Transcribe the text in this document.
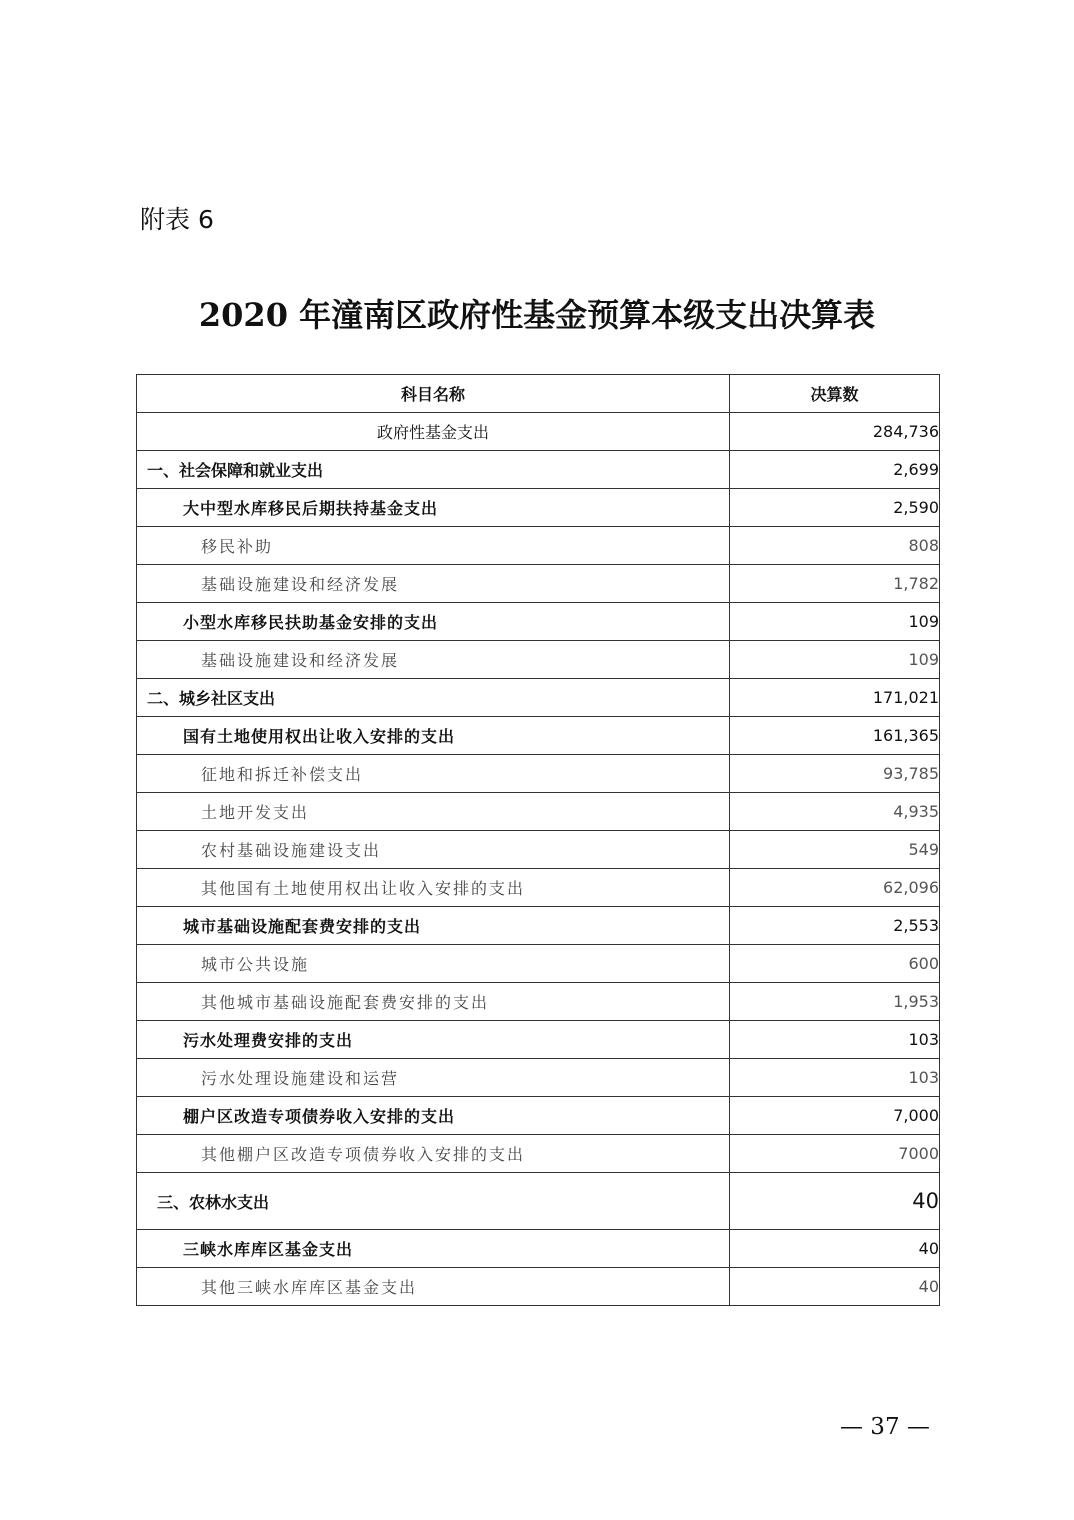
附表 6
2020 年潼南区政府性基金预算本级支出决算表
科目名称	决算数
政府性基金支出	284,736
一、社会保障和就业支出	2,699
大中型水库移民后期扶持基金支出	2,590
移民补助	808
基础设施建设和经济发展	1,782
小型水库移民扶助基金安排的支出	109
基础设施建设和经济发展	109
二、城乡社区支出	171,021
国有土地使用权出让收入安排的支出	161,365
征地和拆迁补偿支出	93,785
土地开发支出	4,935
农村基础设施建设支出	549
其他国有土地使用权出让收入安排的支出	62,096
城市基础设施配套费安排的支出	2,553
城市公共设施	600
其他城市基础设施配套费安排的支出	1,953
污水处理费安排的支出	103
污水处理设施建设和运营	103
棚户区改造专项债券收入安排的支出	7,000
其他棚户区改造专项债券收入安排的支出	7000
三、农林水支出	40
三峡水库库区基金支出	40
其他三峡水库库区基金支出	40
— 37 —
